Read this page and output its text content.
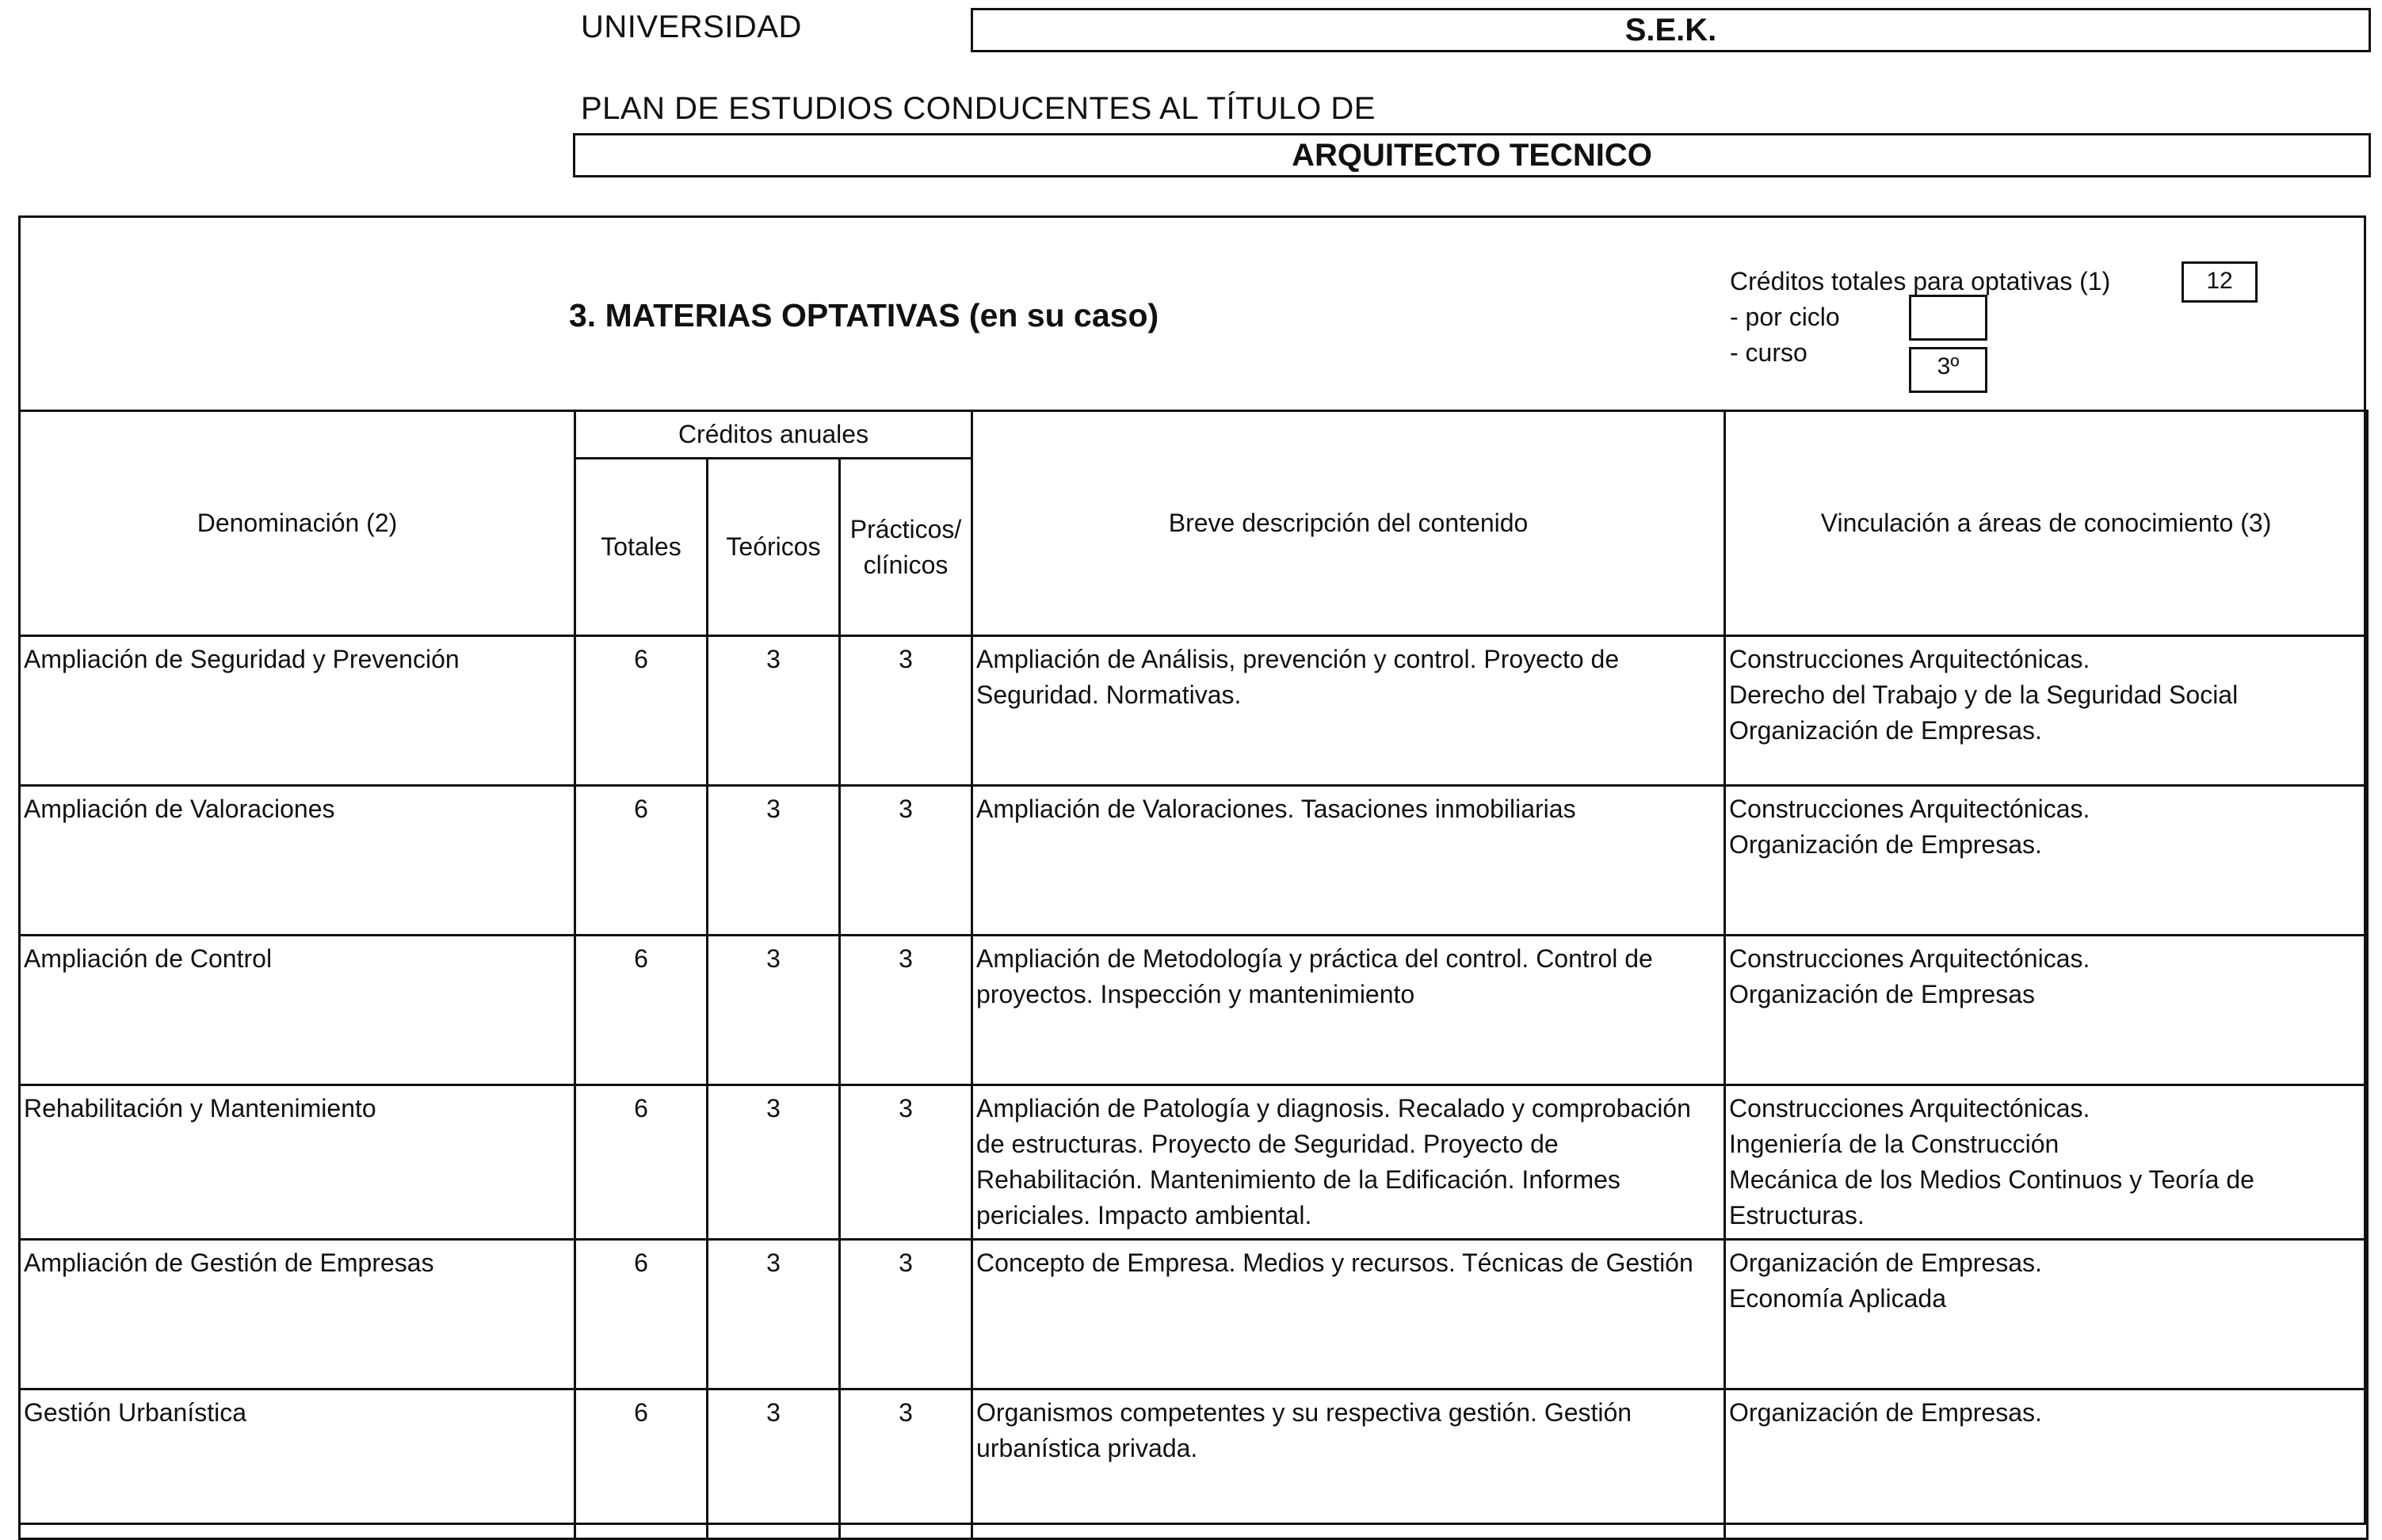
UNIVERSIDAD	S.E.K.
PLAN DE ESTUDIOS CONDUCENTES AL TÍTULO DE
ARQUITECTO TECNICO
3. MATERIAS OPTATIVAS (en su caso)
Créditos totales para optativas (1)	12
- por ciclo
- curso	3º
Denominación (2)	Créditos anuales			Breve descripción del contenido	Vinculación a áreas de conocimiento (3)
	Totales	Teóricos	Prácticos/ clínicos		
Ampliación de Seguridad y Prevención	6	3	3	Ampliación de Análisis, prevención y control. Proyecto de Seguridad. Normativas.	Construcciones Arquitectónicas.
Derecho del Trabajo y de la Seguridad Social
Organización de Empresas.

Ampliación de Valoraciones	6	3	3	Ampliación de Valoraciones. Tasaciones inmobiliarias	Construcciones Arquitectónicas.
Organización de Empresas.

Ampliación de Control	6	3	3	Ampliación de Metodología y práctica del control. Control de proyectos. Inspección y mantenimiento	Construcciones Arquitectónicas.
Organización de Empresas

Rehabilitación y Mantenimiento	6	3	3	Ampliación de Patología y diagnosis. Recalado y comprobación de estructuras. Proyecto de Seguridad. Proyecto de Rehabilitación. Mantenimiento de la Edificación. Informes periciales. Impacto ambiental.	Construcciones Arquitectónicas.
Ingeniería de la Construcción
Mecánica de los Medios Continuos y Teoría de Estructuras.

Ampliación de Gestión de Empresas	6	3	3	Concepto de Empresa. Medios y recursos. Técnicas de Gestión	Organización de Empresas.
Economía Aplicada

Gestión Urbanística	6	3	3	Organismos competentes y su respectiva gestión. Gestión urbanística privada.	Organización de Empresas.
